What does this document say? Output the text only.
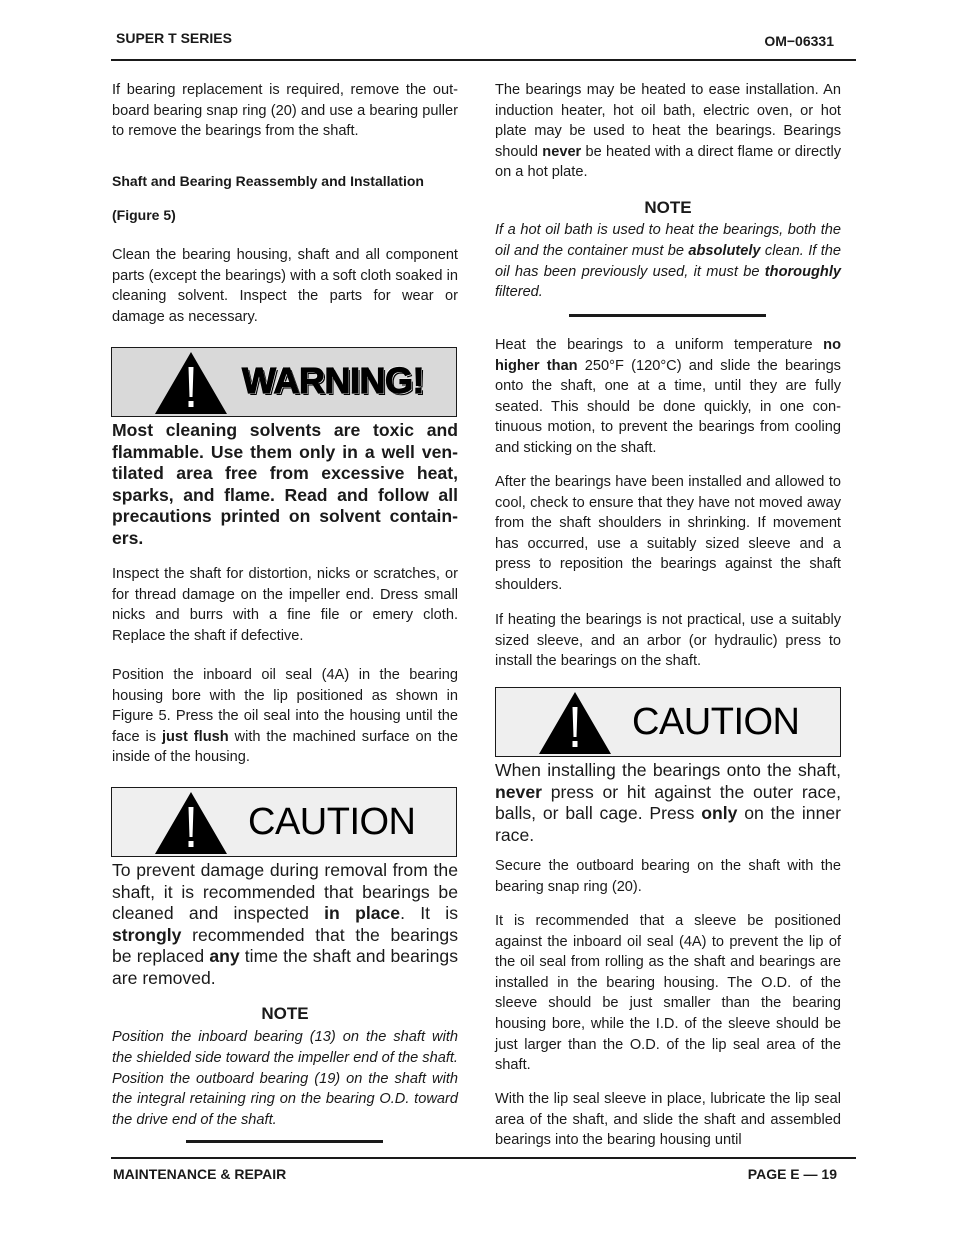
SUPER T SERIES	OM−06331

If bearing replacement is required, remove the outboard bearing snap ring (20) and use a bearing puller to remove the bearings from the shaft.

Shaft and Bearing Reassembly and Installation
(Figure 5)

Clean the bearing housing, shaft and all component parts (except the bearings) with a soft cloth soaked in cleaning solvent. Inspect the parts for wear or damage as necessary.

WARNING!

Most cleaning solvents are toxic and flammable. Use them only in a well ventilated area free from excessive heat, sparks, and flame. Read and follow all precautions printed on solvent containers.

Inspect the shaft for distortion, nicks or scratches, or for thread damage on the impeller end. Dress small nicks and burrs with a fine file or emery cloth. Replace the shaft if defective.

Position the inboard oil seal (4A) in the bearing housing bore with the lip positioned as shown in Figure 5. Press the oil seal into the housing until the face is just flush with the machined surface on the inside of the housing.

CAUTION

To prevent damage during removal from the shaft, it is recommended that bearings be cleaned and inspected in place. It is strongly recommended that the bearings be replaced any time the shaft and bearings are removed.

NOTE

Position the inboard bearing (13) on the shaft with the shielded side toward the impeller end of the shaft. Position the outboard bearing (19) on the shaft with the integral retaining ring on the bearing O.D. toward the drive end of the shaft.

The bearings may be heated to ease installation. An induction heater, hot oil bath, electric oven, or hot plate may be used to heat the bearings. Bearings should never be heated with a direct flame or directly on a hot plate.

NOTE

If a hot oil bath is used to heat the bearings, both the oil and the container must be absolutely clean. If the oil has been previously used, it must be thoroughly filtered.

Heat the bearings to a uniform temperature no higher than 250°F (120°C) and slide the bearings onto the shaft, one at a time, until they are fully seated. This should be done quickly, in one continuous motion, to prevent the bearings from cooling and sticking on the shaft.

After the bearings have been installed and allowed to cool, check to ensure that they have not moved away from the shaft shoulders in shrinking. If movement has occurred, use a suitably sized sleeve and a press to reposition the bearings against the shaft shoulders.

If heating the bearings is not practical, use a suitably sized sleeve, and an arbor (or hydraulic) press to install the bearings on the shaft.

CAUTION

When installing the bearings onto the shaft, never press or hit against the outer race, balls, or ball cage. Press only on the inner race.

Secure the outboard bearing on the shaft with the bearing snap ring (20).

It is recommended that a sleeve be positioned against the inboard oil seal (4A) to prevent the lip of the oil seal from rolling as the shaft and bearings are installed in the bearing housing. The O.D. of the sleeve should be just smaller than the bearing housing bore, while the I.D. of the sleeve should be just larger than the O.D. of the lip seal area of the shaft.

With the lip seal sleeve in place, lubricate the lip seal area of the shaft, and slide the shaft and assembled bearings into the bearing housing until

MAINTENANCE & REPAIR	PAGE E — 19
